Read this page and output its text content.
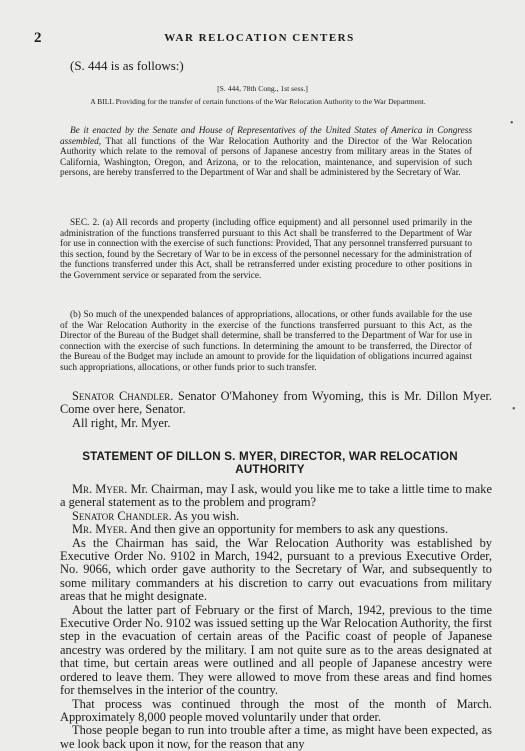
2	WAR RELOCATION CENTERS
(S. 444 is as follows:)
[S. 444, 78th Cong., 1st sess.]
A BILL Providing for the transfer of certain functions of the War Relocation Authority to the War Department.

Be it enacted by the Senate and House of Representatives of the United States of America in Congress assembled, That all functions of the War Relocation Authority and the Director of the War Relocation Authority which relate to the removal of persons of Japanese ancestry from military areas in the States of California, Washington, Oregon, and Arizona, or to the relocation, maintenance, and supervision of such persons, are hereby transferred to the Department of War and shall be administered by the Secretary of War.

SEC. 2. (a) All records and property (including office equipment) and all personnel used primarily in the administration of the functions transferred pursuant to this Act shall be transferred to the Department of War for use in connection with the exercise of such functions: Provided, That any personnel transferred pursuant to this section, found by the Secretary of War to be in excess of the personnel necessary for the administration of the functions transferred under this Act, shall be retransferred under existing procedure to other positions in the Government service or separated from the service.

(b) So much of the unexpended balances of appropriations, allocations, or other funds available for the use of the War Relocation Authority in the exercise of the functions transferred pursuant to this Act, as the Director of the Bureau of the Budget shall determine, shall be transferred to the Department of War for use in connection with the exercise of such functions. In determining the amount to be transferred, the Director of the Bureau of the Budget may include an amount to provide for the liquidation of obligations incurred against such appropriations, allocations, or other funds prior to such transfer.

Senator Chandler. Senator O'Mahoney from Wyoming, this is Mr. Dillon Myer. Come over here, Senator.

All right, Mr. Myer.

STATEMENT OF DILLON S. MYER, DIRECTOR, WAR RELOCATION AUTHORITY

Mr. Myer. Mr. Chairman, may I ask, would you like me to take a little time to make a general statement as to the problem and program?

Senator Chandler. As you wish.

Mr. Myer. And then give an opportunity for members to ask any questions.

As the Chairman has said, the War Relocation Authority was established by Executive Order No. 9102 in March, 1942, pursuant to a previous Executive Order, No. 9066, which order gave authority to the Secretary of War, and subsequently to some military commanders at his discretion to carry out evacuations from military areas that he might designate.

About the latter part of February or the first of March, 1942, previous to the time Executive Order No. 9102 was issued setting up the War Relocation Authority, the first step in the evacuation of certain areas of the Pacific coast of people of Japanese ancestry was ordered by the military. I am not quite sure as to the areas designated at that time, but certain areas were outlined and all people of Japanese ancestry were ordered to leave them. They were allowed to move from these areas and find homes for themselves in the interior of the country.

That process was continued through the most of the month of March. Approximately 8,000 people moved voluntarily under that order.

Those people began to run into trouble after a time, as might have been expected, as we look back upon it now, for the reason that any

•
•
